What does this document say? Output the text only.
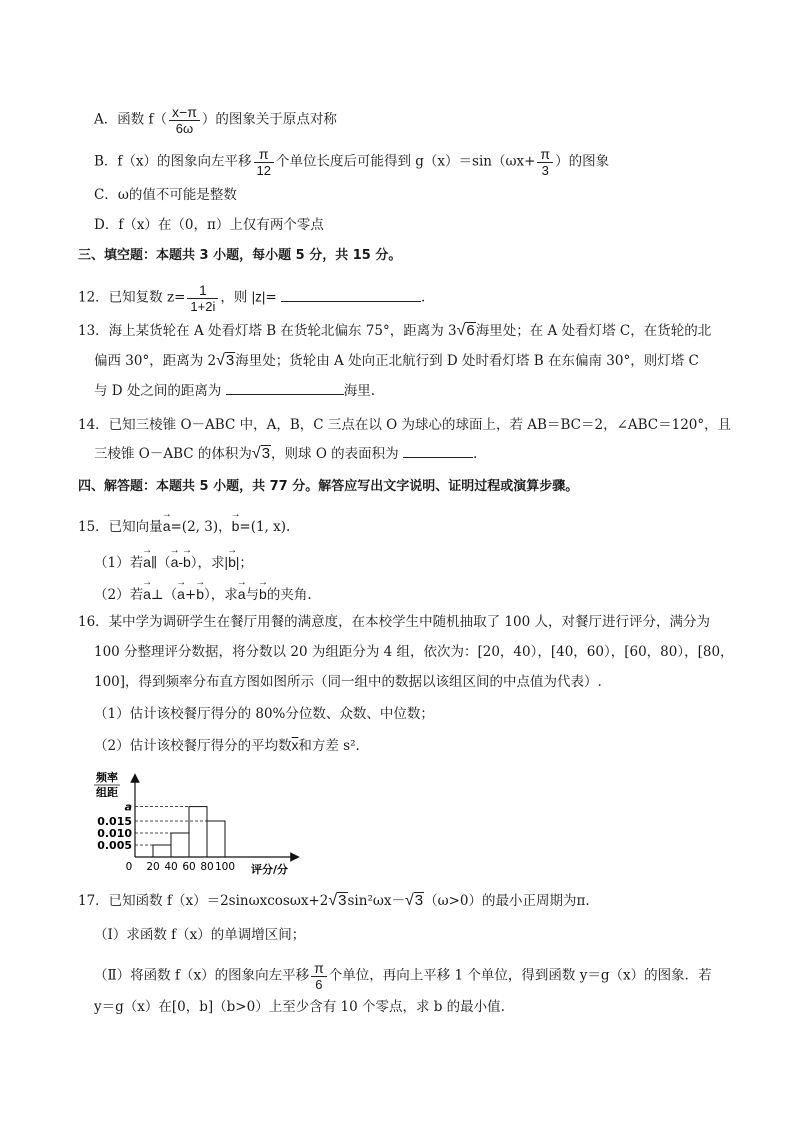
A．函数 $f( \frac{x-\pi}{6\omega}$ ）的图象关于原点对称
B．f（x）的图象向左平移 $\frac{\pi}{12}$ 个单位长度后可能得到 $g(x)=\sin(\omega x+ \frac{\pi}{3}$ ）的图象
C．ω的值不可能是整数
D．f（x）在（0，π）上仅有两个零点
三、填空题：本题共 3 小题，每小题 5 分，共 15 分。
12．已知复数 $z= \frac{1}{1+2i}$ ，则 |z|=	.
13．海上某货轮在 A 处看灯塔 B 在货轮北偏东 75°，距离为 3√6海里处；在 A 处看灯塔 C，在货轮的北
偏西 30°，距离为 2√3海里处；货轮由 A 处向正北航行到 D 处时看灯塔 B 在东偏南 30°，则灯塔 C
与 D 处之间的距离为	海里.
14．已知三棱锥 O－ABC 中，A，B，C 三点在以 O 为球心的球面上，若 AB＝BC＝2，∠ABC＝120°，且
三棱锥 O－ABC 的体积为√3，则球 O 的表面积为	.
四、解答题：本题共 5 小题，共 77 分。解答应写出文字说明、证明过程或演算步骤。
15．已知向量→ a=(2, 3)，→ b=(1, x).
（1）若→ a∥（→ a-→ b），求|→ b|；
（2）若→ a⊥（→ a+→ b），求→ a与→ b的夹角.
16．某中学为调研学生在餐厅用餐的满意度，在本校学生中随机抽取了 100 人，对餐厅进行评分，满分为
100 分整理评分数据，将分数以 20 为组距分为 4 组，依次为：[20，40），[40，60），[60，80），[80，
100]，得到频率分布直方图如图所示（同一组中的数据以该组区间的中点值为代表）.
（1）估计该校餐厅得分的 80%分位数、众数、中位数；
（2）估计该校餐厅得分的平均数$\overline{x}$和方差 s².
频率
组距
0.005
0.010
0.015
a
0 20 40 60 80 100 评分/分
17．已知函数 f（x）＝2sinωxcosωx+2√3sin²ωx－√3（ω>0）的最小正周期为π.
（Ⅰ）求函数 f（x）的单调增区间；
（Ⅱ）将函数 f（x）的图象向左平移 $\frac{\pi}{6}$ 个单位，再向上平移 1 个单位，得到函数 y＝g（x）的图象．若
y＝g（x）在[0，b]（b>0）上至少含有 10 个零点，求 b 的最小值.
